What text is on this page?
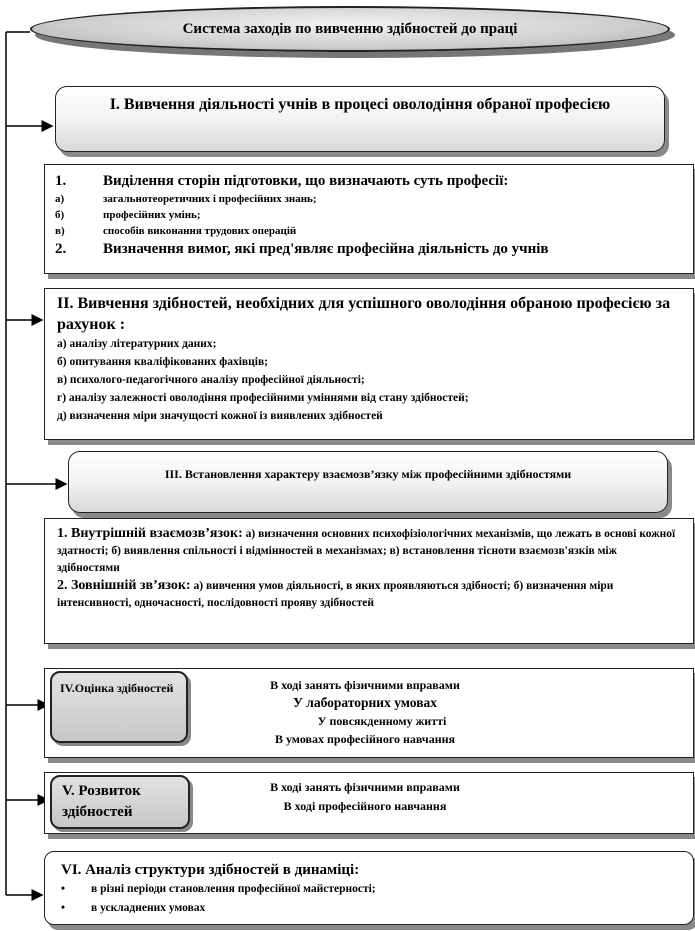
Система заходів по вивченню здібностей до праці
І. Вивчення діяльності учнів в процесі оволодіння обраної професією
1.	Виділення сторін підготовки, що визначають суть професії:
а)	загальнотеоретичних і професійних знань;
б)	професійних умінь;
в)	способів виконання трудових операцій
2.	Визначення вимог, які пред'являє професійна діяльність до учнів
ІІ. Вивчення здібностей, необхідних для успішного оволодіння обраною професією за рахунок :
а) аналізу літературних даних;
б) опитування кваліфікованих фахівців;
в) психолого-педагогічного аналізу професійної діяльності;
г) аналізу залежності оволодіння професійними уміннями від стану здібностей;
д) визначення міри значущості кожної із виявлених здібностей
ІІІ. Встановлення характеру взаємозв’язку між професійними здібностями
1. Внутрішній взаємозв’язок: а) визначення основних психофізіологічних механізмів, що лежать в основі кожної здатності; б) виявлення спільності і відмінностей в механізмах; в) встановлення тісноти взаємозв'язків між здібностями
2. Зовнішній зв’язок: а) вивчення умов діяльності, в яких проявляються здібності; б) визначення міри інтенсивності, одночасності, послідовності прояву здібностей
IV.Оцінка здібностей	В ході занять фізичними вправами
У лабораторних умовах
У повсякденному житті
В умовах професійного навчання
V. Розвиток здібностей
В ході занять фізичними вправами
В ході професійного навчання
VI. Аналіз структури здібностей в динаміці:
• в різні періоди становлення професійної майстерності;
• в ускладнених умовах
